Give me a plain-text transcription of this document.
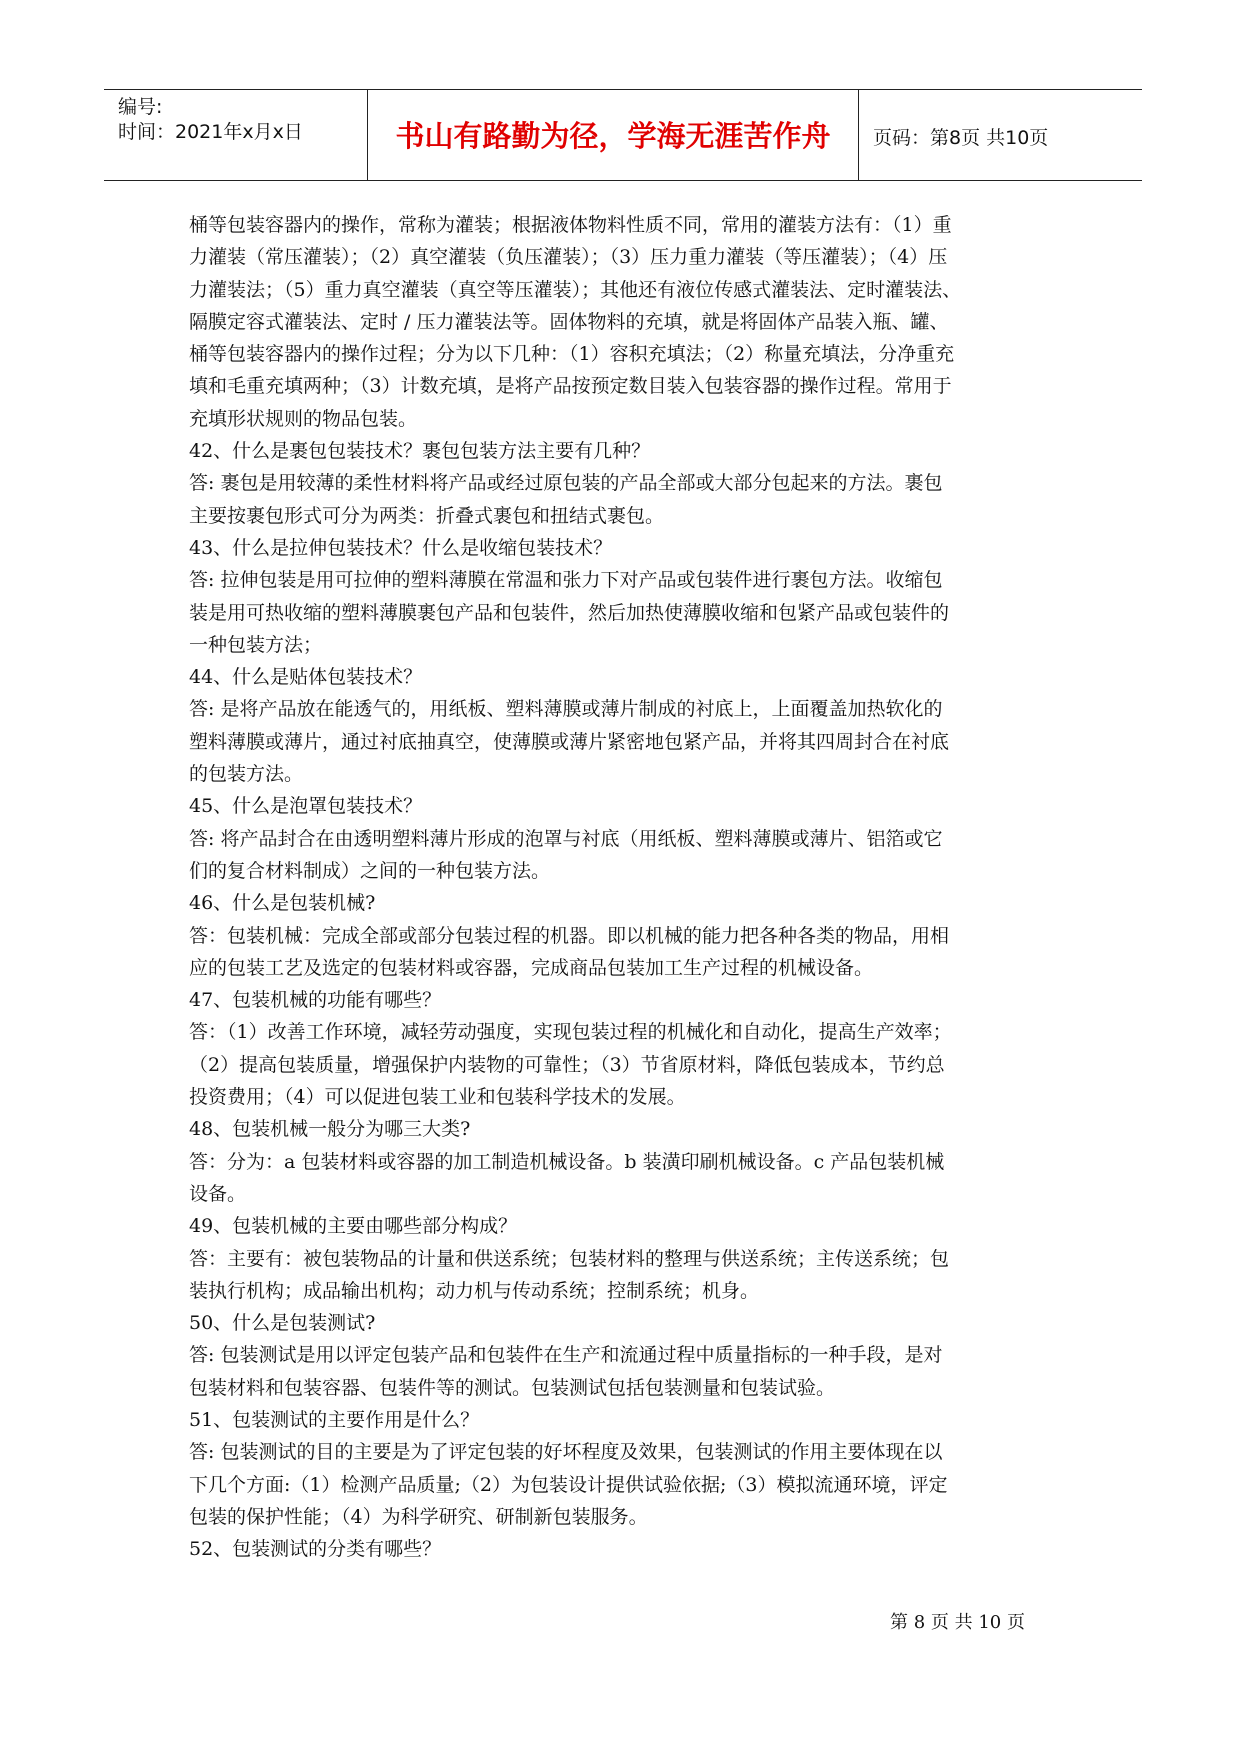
编号:
时间：2021年x月x日	书山有路勤为径，学海无涯苦作舟	页码：第8页 共10页
桶等包装容器内的操作，常称为灌装；根据液体物料性质不同，常用的灌装方法有：（1）重
力灌装（常压灌装）；（2）真空灌装（负压灌装）；（3）压力重力灌装（等压灌装）；（4）压
力灌装法；（5）重力真空灌装（真空等压灌装）；其他还有液位传感式灌装法、定时灌装法、
隔膜定容式灌装法、定时 / 压力灌装法等。固体物料的充填，就是将固体产品装入瓶、罐、
桶等包装容器内的操作过程；分为以下几种：（1）容积充填法；（2）称量充填法，分净重充
填和毛重充填两种；（3）计数充填，是将产品按预定数目装入包装容器的操作过程。常用于
充填形状规则的物品包装。
42、什么是裹包包装技术？裹包包装方法主要有几种？
答: 裹包是用较薄的柔性材料将产品或经过原包装的产品全部或大部分包起来的方法。裹包
主要按裹包形式可分为两类：折叠式裹包和扭结式裹包。
43、什么是拉伸包装技术？什么是收缩包装技术？
答: 拉伸包装是用可拉伸的塑料薄膜在常温和张力下对产品或包装件进行裹包方法。收缩包
装是用可热收缩的塑料薄膜裹包产品和包装件，然后加热使薄膜收缩和包紧产品或包装件的
一种包装方法；
44、什么是贴体包装技术？
答: 是将产品放在能透气的，用纸板、塑料薄膜或薄片制成的衬底上，上面覆盖加热软化的
塑料薄膜或薄片，通过衬底抽真空，使薄膜或薄片紧密地包紧产品，并将其四周封合在衬底
的包装方法。
45、什么是泡罩包装技术？
答: 将产品封合在由透明塑料薄片形成的泡罩与衬底（用纸板、塑料薄膜或薄片、铝箔或它
们的复合材料制成）之间的一种包装方法。
46、什么是包装机械?
答：包装机械：完成全部或部分包装过程的机器。即以机械的能力把各种各类的物品，用相
应的包装工艺及选定的包装材料或容器，完成商品包装加工生产过程的机械设备。
47、包装机械的功能有哪些？
答：（1）改善工作环境，减轻劳动强度，实现包装过程的机械化和自动化，提高生产效率；
（2）提高包装质量，增强保护内装物的可靠性；（3）节省原材料，降低包装成本，节约总
投资费用；（4）可以促进包装工业和包装科学技术的发展。
48、包装机械一般分为哪三大类?
答：分为：a 包装材料或容器的加工制造机械设备。b 装潢印刷机械设备。c 产品包装机械
设备。
49、包装机械的主要由哪些部分构成？
答：主要有：被包装物品的计量和供送系统；包装材料的整理与供送系统；主传送系统；包
装执行机构；成品输出机构；动力机与传动系统；控制系统；机身。
50、什么是包装测试?
答: 包装测试是用以评定包装产品和包装件在生产和流通过程中质量指标的一种手段，是对
包装材料和包装容器、包装件等的测试。包装测试包括包装测量和包装试验。
51、包装测试的主要作用是什么？
答: 包装测试的目的主要是为了评定包装的好坏程度及效果，包装测试的作用主要体现在以
下几个方面:（1）检测产品质量;（2）为包装设计提供试验依据;（3）模拟流通环境，评定
包装的保护性能；（4）为科学研究、研制新包装服务。
52、包装测试的分类有哪些？
第 8 页 共 10 页
